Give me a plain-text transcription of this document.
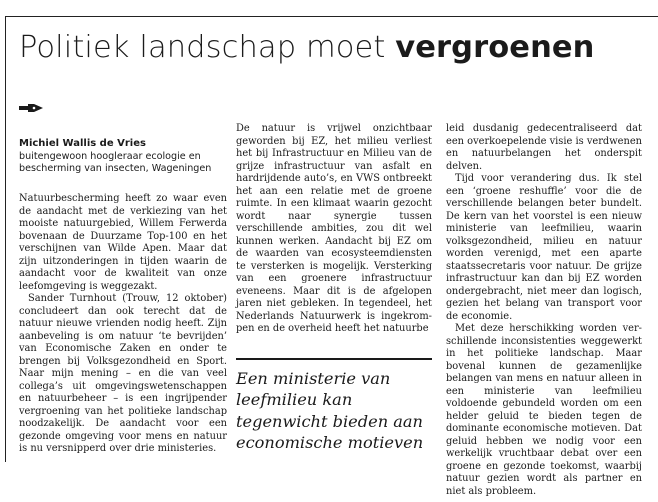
Politiek landschap moet vergroenen
Michiel Wallis de Vries
buitengewoon hoogleraar ecologie en bescherming van insecten, Wageningen

Natuurbescherming heeft zo waar even de aandacht met de verkiezing van het mooiste natuurgebied, Willem Ferwerda bovenaan de Duurzame Top-100 en het verschijnen van Wilde Apen. Maar dat zijn uitzonderingen in tijden waarin de aandacht voor de kwaliteit van onze leefomgeving is weggezakt.

Sander Turnhout (Trouw, 12 oktober) concludeert dan ook terecht dat de natuur nieuwe vrienden nodig heeft. Zijn aanbeveling is om natuur ‘te bevrijden’ van Economische Zaken en onder te brengen bij Volksgezondheid en Sport. Naar mijn mening – en die van veel collega’s uit omgevingswetenschappen en natuurbeheer – is een ingrijpender vergroening van het politieke landschap noodzakelijk. De aandacht voor een gezonde omgeving voor mens en natuur is nu versnipperd over drie ministeries.

De natuur is vrijwel onzichtbaar geworden bij EZ, het milieu verliest het bij Infrastructuur en Milieu van de grijze infrastructuur van asfalt en hardrijdende auto’s, en VWS ontbreekt het aan een relatie met de groene ruimte. In een klimaat waarin gezocht wordt naar synergie tussen verschillende ambities, zou dit wel kunnen werken. Aandacht bij EZ om de waarden van ecosysteemdiensten te versterken is mogelijk. Versterking van een groenere infrastructuur eveneens. Maar dit is de afgelopen jaren niet gebleken. In tegendeel, het Nederlands Natuurwerk is ingekrompen en de overheid heeft het natuurbe

Een ministerie van leefmilieu kan tegenwicht bieden aan economische motieven

leid dusdanig gedecentraliseerd dat een overkoepelende visie is verdwenen en natuurbelangen het onderspit delven.

Tijd voor verandering dus. Ik stel een ‘groene reshuffle’ voor die de verschillende belangen beter bundelt. De kern van het voorstel is een nieuw ministerie van leefmilieu, waarin volksgezondheid, milieu en natuur worden verenigd, met een aparte staatssecretaris voor natuur. De grijze infrastructuur kan dan bij EZ worden ondergebracht, niet meer dan logisch, gezien het belang van transport voor de economie.

Met deze herschikking worden verschillende inconsistenties weggewerkt in het politieke landschap. Maar bovenal kunnen de gezamenlijke belangen van mens en natuur alleen in een ministerie van leefmilieu voldoende gebundeld worden om een helder geluid te bieden tegen de dominante economische motieven. Dat geluid hebben we nodig voor een werkelijk vruchtbaar debat over een groene en gezonde toekomst, waarbij natuur gezien wordt als partner en niet als probleem.
